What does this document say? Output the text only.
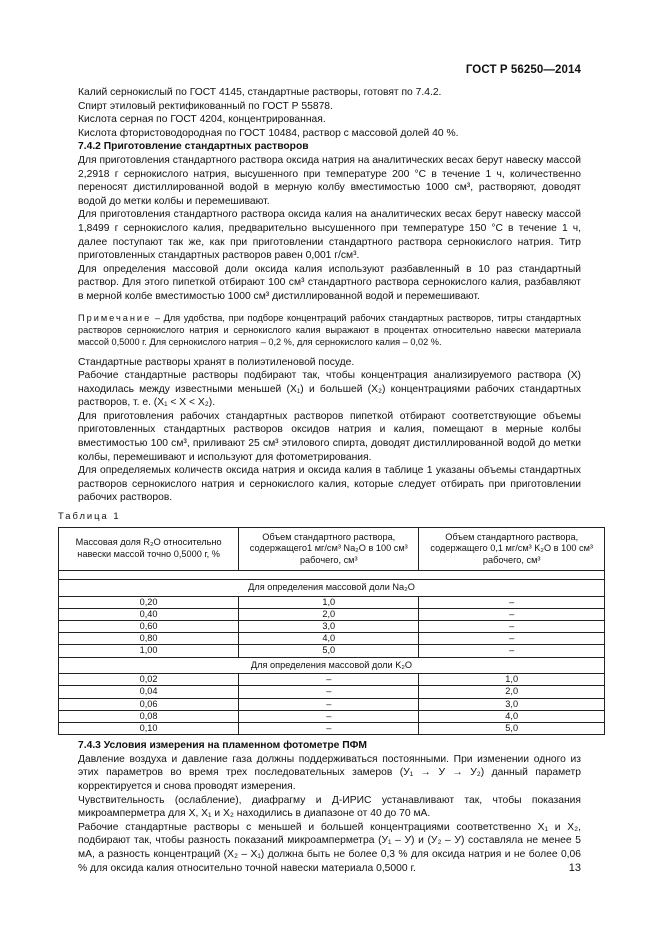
ГОСТ Р 56250—2014

Калий сернокислый по ГОСТ 4145, стандартные растворы, готовят по 7.4.2.

Спирт этиловый ректификованный по ГОСТ Р 55878.

Кислота серная по ГОСТ 4204, концентрированная.

Кислота фтористоводородная по ГОСТ 10484, раствор с массовой долей 40 %.

7.4.2 Приготовление стандартных растворов

Для приготовления стандартного раствора оксида натрия на аналитических весах берут навеску массой 2,2918 г сернокислого натрия, высушенного при температуре 200 °С в течение 1 ч, количественно переносят дистиллированной водой в мерную колбу вместимостью 1000 см³, растворяют, доводят водой до метки колбы и перемешивают.

Для приготовления стандартного раствора оксида калия на аналитических весах берут навеску массой 1,8499 г сернокислого калия, предварительно высушенного при температуре 150 °С в течение 1 ч, далее поступают так же, как при приготовлении стандартного раствора сернокислого натрия. Титр приготовленных стандартных растворов равен 0,001 г/см³.

Для определения массовой доли оксида калия используют разбавленный в 10 раз стандартный раствор. Для этого пипеткой отбирают 100 см³ стандартного раствора сернокислого калия, разбавляют в мерной колбе вместимостью 1000 см³ дистиллированной водой и перемешивают.

Примечание – Для удобства, при подборе концентраций рабочих стандартных растворов, титры стандартных растворов сернокислого натрия и сернокислого калия выражают в процентах относительно навески материала массой 0,5000 г. Для сернокислого натрия – 0,2 %, для сернокислого калия – 0,02 %.

Стандартные растворы хранят в полиэтиленовой посуде.

Рабочие стандартные растворы подбирают так, чтобы концентрация анализируемого раствора (X) находилась между известными меньшей (X₁) и большей (X₂) концентрациями рабочих стандартных растворов, т. е. (X₁ < X < X₂).

Для приготовления рабочих стандартных растворов пипеткой отбирают соответствующие объемы приготовленных стандартных растворов оксидов натрия и калия, помещают в мерные колбы вместимостью 100 см³, приливают 25 см³ этилового спирта, доводят дистиллированной водой до метки колбы, перемешивают и используют для фотометрирования.

Для определяемых количеств оксида натрия и оксида калия в таблице 1 указаны объемы стандартных растворов сернокислого натрия и сернокислого калия, которые следует отбирать при приготовлении рабочих растворов.

Таблица 1

Массовая доля R₂O относительно навески массой точно 0,5000 г, %	Объем стандартного раствора, содержащего1 мг/см³ Na₂O в 100 см³ рабочего, см³	Объем стандартного раствора, содержащего 0,1 мг/см³ K₂O в 100 см³ рабочего, см³

Для определения массовой доли Na₂O		
0,20	1,0	–
0,40	2,0	–
0,60	3,0	–
0,80	4,0	–
1,00	5,0	–
Для определения массовой доли K₂O		
0,02	–	1,0
0,04	–	2,0
0,06	–	3,0
0,08	–	4,0
0,10	–	5,0

7.4.3 Условия измерения на пламенном фотометре ПФМ

Давление воздуха и давление газа должны поддерживаться постоянными. При изменении одного из этих параметров во время трех последовательных замеров (У₁ → У → У₂) данный параметр корректируется и снова проводят измерения.

Чувствительность (ослабление), диафрагму и Д-ИРИС устанавливают так, чтобы показания микроамперметра для X, X₁ и X₂ находились в диапазоне от 40 до 70 мА.

Рабочие стандартные растворы с меньшей и большей концентрациями соответственно X₁ и X₂, подбирают так, чтобы разность показаний микроамперметра (У₁ – У) и (У₂ – У) составляла не менее 5 мА, а разность концентраций (X₂ – X₁) должна быть не более 0,3 % для оксида натрия и не более 0,06 % для оксида калия относительно точной навески материала 0,5000 г.	13
